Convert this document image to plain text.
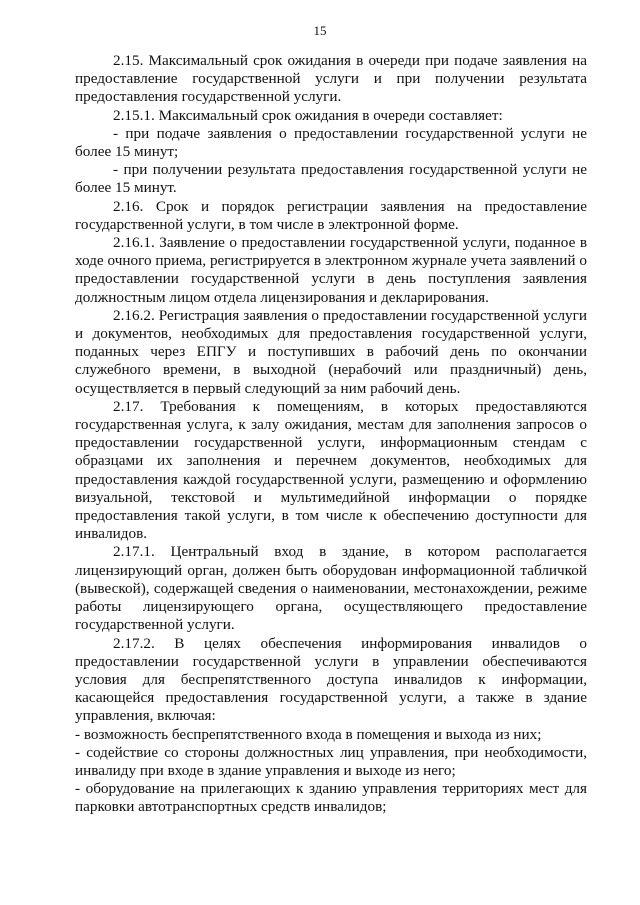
15

2.15. Максимальный срок ожидания в очереди при подаче заявления на предоставление государственной услуги и при получении результата предоставления государственной услуги.

2.15.1. Максимальный срок ожидания в очереди составляет:

- при подаче заявления о предоставлении государственной услуги не более 15 минут;

- при получении результата предоставления государственной услуги не более 15 минут.

2.16. Срок и порядок регистрации заявления на предоставление государственной услуги, в том числе в электронной форме.

2.16.1. Заявление о предоставлении государственной услуги, поданное в ходе очного приема, регистрируется в электронном журнале учета заявлений о предоставлении государственной услуги в день поступления заявления должностным лицом отдела лицензирования и декларирования.

2.16.2. Регистрация заявления о предоставлении государственной услуги и документов, необходимых для предоставления государственной услуги, поданных через ЕПГУ и поступивших в рабочий день по окончании служебного времени, в выходной (нерабочий или праздничный) день, осуществляется в первый следующий за ним рабочий день.

2.17. Требования к помещениям, в которых предоставляются государственная услуга, к залу ожидания, местам для заполнения запросов о предоставлении государственной услуги, информационным стендам с образцами их заполнения и перечнем документов, необходимых для предоставления каждой государственной услуги, размещению и оформлению визуальной, текстовой и мультимедийной информации о порядке предоставления такой услуги, в том числе к обеспечению доступности для инвалидов.

2.17.1. Центральный вход в здание, в котором располагается лицензирующий орган, должен быть оборудован информационной табличкой (вывеской), содержащей сведения о наименовании, местонахождении, режиме работы лицензирующего органа, осуществляющего предоставление государственной услуги.

2.17.2. В целях обеспечения информирования инвалидов о предоставлении государственной услуги в управлении обеспечиваются условия для беспрепятственного доступа инвалидов к информации, касающейся предоставления государственной услуги, а также в здание управления, включая:

- возможность беспрепятственного входа в помещения и выхода из них;

- содействие со стороны должностных лиц управления, при необходимости, инвалиду при входе в здание управления и выходе из него;

- оборудование на прилегающих к зданию управления территориях мест для парковки автотранспортных средств инвалидов;
